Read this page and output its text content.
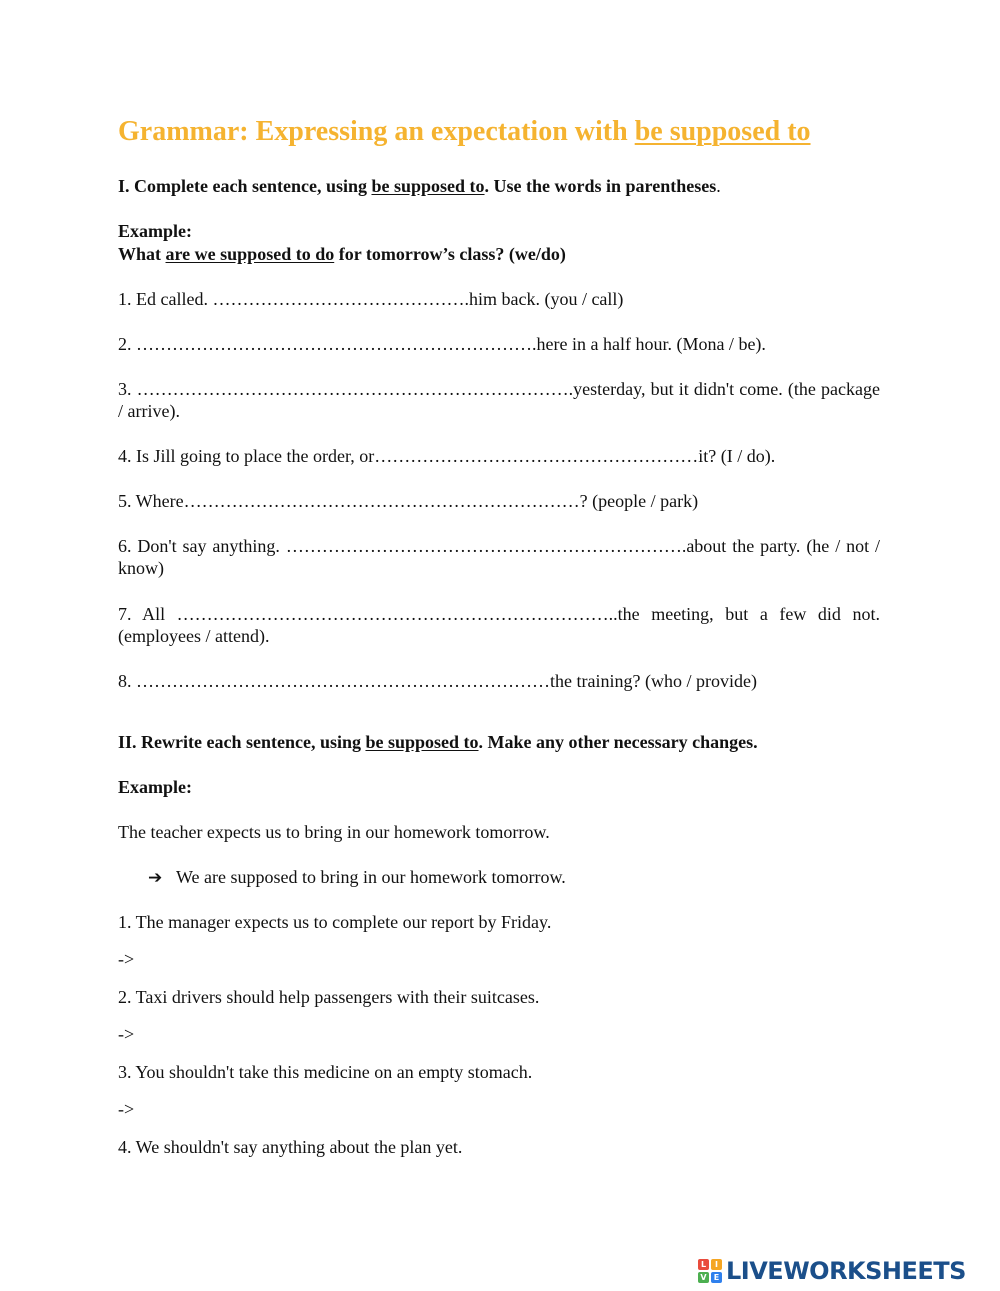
Grammar: Expressing an expectation with be supposed to
I. Complete each sentence, using be supposed to. Use the words in parentheses.
Example:
What are we supposed to do for tomorrow’s class? (we/do)
1. Ed called. …………………………………….him back. (you / call)
2. ………………………………………………………….here in a half hour. (Mona / be).
3. ……………………………………………………………….yesterday, but it didn't come. (the package / arrive).
4. Is Jill going to place the order, or………………………………………………it? (I / do).
5. Where…………………………………………………………? (people / park)
6. Don't say anything. ………………………………………………………….about the party. (he / not / know)
7. All ………………………………………………………………..the meeting, but a few did not. (employees / attend).
8. ……………………………………………………………the training? (who / provide)
II. Rewrite each sentence, using be supposed to. Make any other necessary changes.
Example:
The teacher expects us to bring in our homework tomorrow.
➔ We are supposed to bring in our homework tomorrow.
1. The manager expects us to complete our report by Friday.
->
2. Taxi drivers should help passengers with their suitcases.
->
3. You shouldn't take this medicine on an empty stomach.
->
4. We shouldn't say anything about the plan yet.
L	I
V E LIVEWORKSHEETS
